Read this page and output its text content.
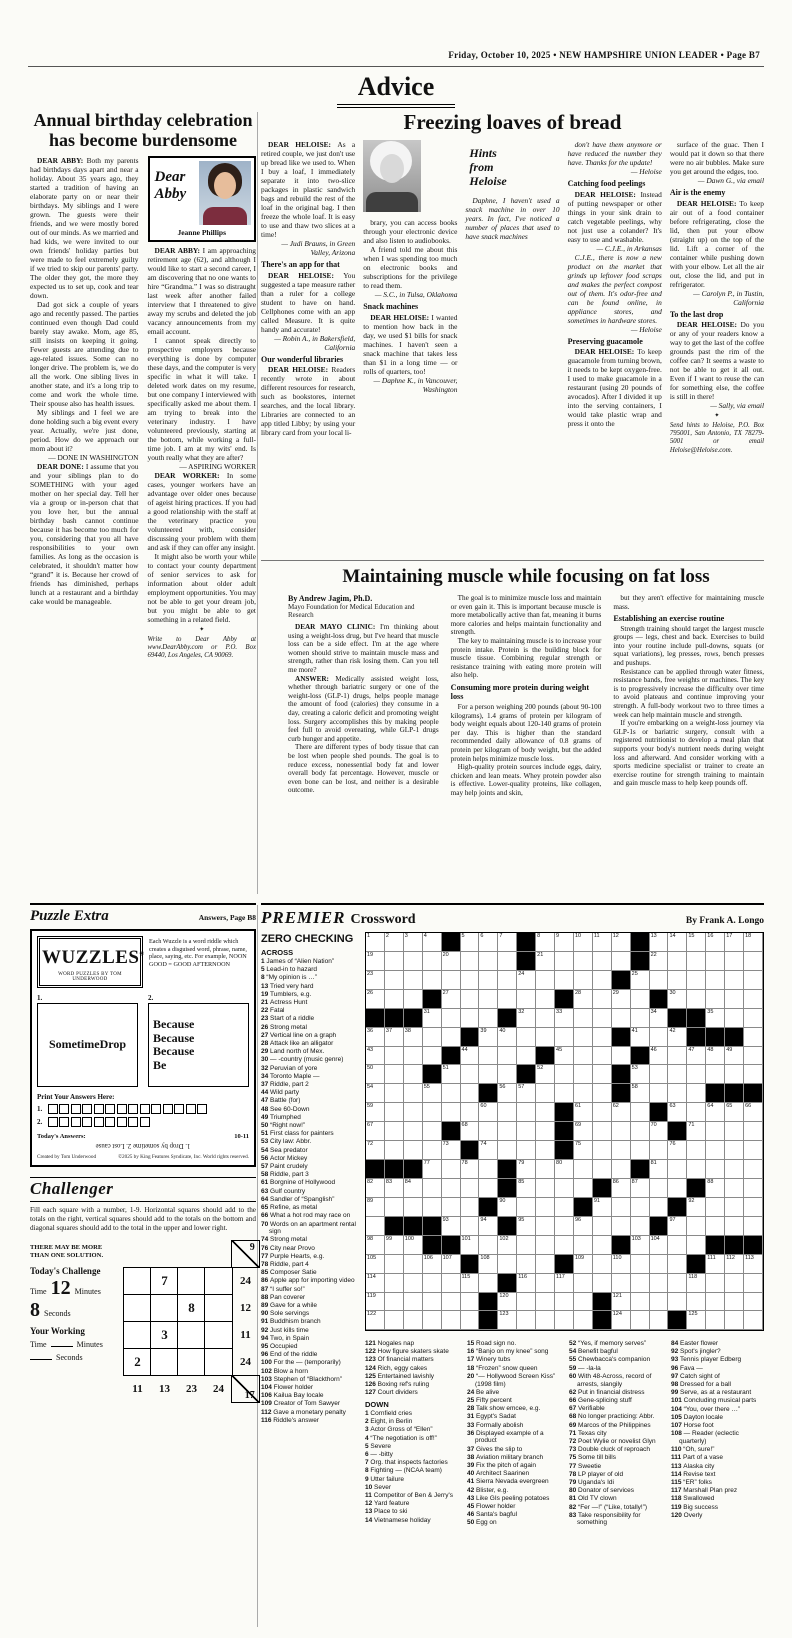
Friday, October 10, 2025 • NEW HAMPSHIRE UNION LEADER • Page B7
Advice
Annual birthday celebration has become burdensome
DEAR ABBY: Both my parents had birthdays days apart and near a holiday. About 35 years ago, they started a tradition of having an elaborate party on or near their birthdays. My siblings and I were grown. The guests were their friends, and we were mostly bored out of our minds. As we married and had kids, we were invited to our own friends' holiday parties but were made to feel extremely guilty if we tried to skip our parents' party. The older they got, the more they expected us to set up, cook and tear down.
Dad got sick a couple of years ago and recently passed. The parties continued even though Dad could barely stay awake. Mom, age 85, still insists on keeping it going. Fewer guests are attending due to age-related issues. Some can no longer drive. The problem is, we do all the work. One sibling lives in another state, and it's a long trip to come and work the whole time. Their spouse also has health issues.
My siblings and I feel we are done holding such a big event every year. Actually, we're just done, period. How do we approach our mom about it?
— DONE IN WASHINGTON
DEAR DONE: I assume that you and your siblings plan to do SOMETHING with your aged mother on her special day. Tell her via a group or in-person chat that you love her, but the annual birthday bash cannot continue because it has become too much for you, considering that you all have responsibilities to your own families. As long as the occasion is celebrated, it shouldn't matter how “grand” it is. Because her crowd of friends has diminished, perhaps lunch at a restaurant and a birthday cake would be manageable.
Dear
Abby
Jeanne Phillips
DEAR ABBY: I am approaching retirement age (62), and although I would like to start a second career, I am discovering that no one wants to hire “Grandma.” I was so distraught last week after another failed interview that I threatened to give away my scrubs and deleted the job vacancy announcements from my email account.
I cannot speak directly to prospective employers because everything is done by computer these days, and the computer is very specific in what it will take. I deleted work dates on my resume, but one company I interviewed with specifically asked me about them. I am trying to break into the veterinary industry. I have volunteered previously, starting at the bottom, while working a full-time job. I am at my wits' end. Is youth really what they are after?
— ASPIRING WORKER
DEAR WORKER: In some cases, younger workers have an advantage over older ones because of ageist hiring practices. If you had a good relationship with the staff at the veterinary practice you volunteered with, consider discussing your problem with them and ask if they can offer any insight.
It might also be worth your while to contact your county department of senior services to ask for information about older adult employment opportunities. You may not be able to get your dream job, but you might be able to get something in a related field.
✦
Write to Dear Abby at www.DearAbby.com or P.O. Box 69440, Los Angeles, CA 90069.
Freezing loaves of bread
DEAR HELOISE: As a retired couple, we just don't use up bread like we used to. When I buy a loaf, I immediately separate it into two-slice packages in plastic sandwich bags and rebuild the rest of the loaf in the original bag. I then freeze the whole loaf. It is easy to use and thaw two slices at a time!
— Judi Brauns, in Green Valley, Arizona
There's an app for that
DEAR HELOISE: You suggested a tape measure rather than a ruler for a college student to have on hand. Cellphones come with an app called Measure. It is quite handy and accurate!
— Robin A., in Bakersfield, California
Our wonderful libraries
DEAR HELOISE: Readers recently wrote in about different resources for research, such as bookstores, internet searches, and the local library. Libraries are connected to an app titled Libby; by using your library card from your local li-
brary, you can access books through your electronic device and also listen to audiobooks.
A friend told me about this when I was spending too much on electronic books and subscriptions for the privilege to read them.
— S.C., in Tulsa, Oklahoma
Snack machines
DEAR HELOISE: I wanted to mention how back in the day, we used $1 bills for snack machines. I haven't seen a snack machine that takes less than $1 in a long time — or rolls of quarters, too!
— Daphne K., in Vancouver, Washington
Hints
from
Heloise
Daphne, I haven't used a snack machine in over 10 years. In fact, I've noticed a number of places that used to have snack machines
don't have them anymore or have reduced the number they have. Thanks for the update!
— Heloise
Catching food peelings
DEAR HELOISE: Instead of putting newspaper or other things in your sink drain to catch vegetable peelings, why not just use a colander? It's easy to use and washable.
— C.J.E., in Arkansas
C.J.E., there is now a new product on the market that grinds up leftover food scraps and makes the perfect compost out of them. It's odor-free and can be found online, in appliance stores, and sometimes in hardware stores.
— Heloise
Preserving guacamole
DEAR HELOISE: To keep guacamole from turning brown, it needs to be kept oxygen-free. I used to make guacamole in a restaurant (using 20 pounds of avocados). After I divided it up into the serving containers, I would take plastic wrap and press it onto the
surface of the guac. Then I would pat it down so that there were no air bubbles. Make sure you get around the edges, too.
— Dawn G., via email
Air is the enemy
DEAR HELOISE: To keep air out of a food container before refrigerating, close the lid, then put your elbow (straight up) on the top of the lid. Lift a corner of the container while pushing down with your elbow. Let all the air out, close the lid, and put in refrigerator.
— Carolyn P., in Tustin, California
To the last drop
DEAR HELOISE: Do you or any of your readers know a way to get the last of the coffee grounds past the rim of the coffee can? It seems a waste to not be able to get it all out. Even if I want to reuse the can for something else, the coffee is still in there!
— Sally, via email
✦
Send hints to Heloise, P.O. Box 795001, San Antonio, TX 78279-5001 or email Heloise@Heloise.com.
Maintaining muscle while focusing on fat loss
By Andrew Jagim, Ph.D.
Mayo Foundation for Medical Education and Research
DEAR MAYO CLINIC: I'm thinking about using a weight-loss drug, but I've heard that muscle loss can be a side effect. I'm at the age where women should strive to maintain muscle mass and strength, rather than risk losing them. Can you tell me more?
ANSWER: Medically assisted weight loss, whether through bariatric surgery or one of the weight-loss (GLP-1) drugs, helps people manage the amount of food (calories) they consume in a day, creating a caloric deficit and promoting weight loss. Surgery accomplishes this by making people feel full to avoid overeating, while GLP-1 drugs curb hunger and appetite.
There are different types of body tissue that can be lost when people shed pounds. The goal is to reduce excess, nonessential body fat and lower overall body fat percentage. However, muscle or even bone can be lost, and neither is a desirable outcome.
The goal is to minimize muscle loss and maintain or even gain it. This is important because muscle is more metabolically active than fat, meaning it burns more calories and helps maintain functionality and strength.
The key to maintaining muscle is to increase your protein intake. Protein is the building block for muscle tissue. Combining regular strength or resistance training with eating more protein will also help.
Consuming more protein during weight loss
For a person weighing 200 pounds (about 90-100 kilograms), 1.4 grams of protein per kilogram of body weight equals about 120-140 grams of protein per day. This is higher than the standard recommended daily allowance of 0.8 grams of protein per kilogram of body weight, but the added protein helps minimize muscle loss.
High-quality protein sources include eggs, dairy, chicken and lean meats. Whey protein powder also is effective. Lower-quality proteins, like collagen, may help joints and skin,
but they aren't effective for maintaining muscle mass.
Establishing an exercise routine
Strength training should target the largest muscle groups — legs, chest and back. Exercises to build into your routine include pull-downs, squats (or squat variations), leg presses, rows, bench presses and pushups.
Resistance can be applied through water fitness, resistance bands, free weights or machines. The key is to progressively increase the difficulty over time to avoid plateaus and continue improving your strength. A full-body workout two to three times a week can help maintain muscle and strength.
If you're embarking on a weight-loss journey via GLP-1s or bariatric surgery, consult with a registered nutritionist to develop a meal plan that supports your body's nutrient needs during weight loss and afterward. And consider working with a sports medicine specialist or trainer to create an exercise routine for strength training to maintain and gain muscle mass to help keep pounds off.
Puzzle Extra	Answers, Page B8
WUZZLES®
WORD PUZZLES BY TOM UNDERWOOD
Each Wuzzle is a word riddle which creates a disguised word, phrase, name, place, saying, etc. For example, NOON GOOD = GOOD AFTERNOON
1.
SometimeDrop
2.
Because
Because
Because
Be
Print Your Answers Here:
1.
2.
Today's Answers:	10-11
1. Drop by sometime 2. Lost cause
Created by Tom Underwood	©2025 by King Features Syndicate, Inc. World rights reserved.
Challenger
Fill each square with a number, 1-9. Horizontal squares should add to the totals on the right, vertical squares should add to the totals on the bottom and diagonal squares should add to the total in the upper and lower right.
THERE MAY BE MORE THAN ONE SOLUTION.
Today's Challenge
Time 12 Minutes
8 Seconds
Your Working
Time	Minutes
Seconds
9
7	24
8	12
3	11
2	24
11	13	23	24
17
PREMIER Crossword	By Frank A. Longo
ZERO CHECKING
ACROSS
1 James of “Alien Nation”
5 Lead-in to hazard
8 “My opinion is …”
13 Tried very hard
19 Tumblers, e.g.
21 Actress Hunt
22 Fatal
23 Start of a riddle
26 Strong metal
27 Vertical line on a graph
28 Attack like an alligator
29 Land north of Mex.
30 — -country (music genre)
32 Peruvian of yore
34 Toronto Maple —
37 Riddle, part 2
44 Wild party
47 Battle (for)
48 See 60-Down
49 Triumphed
50 “Right now!”
51 First class for painters
53 City law: Abbr.
54 Sea predator
56 Actor Mickey
57 Paint crudely
58 Riddle, part 3
61 Borgnine of Hollywood
63 Gulf country
64 Sandler of “Spanglish”
65 Refine, as metal
66 What a hot rod may race on
70 Words on an apartment rental sign
74 Strong metal
76 City near Provo
77 Purple Hearts, e.g.
78 Riddle, part 4
85 Composer Satie
86 Apple app for importing video
87 “I suffer so!”
88 Pan coverer
89 Gave for a while
90 Sole servings
91 Buddhism branch
92 Just kills time
94 Two, in Spain
95 Occupied
96 End of the riddle
100 For the — (temporarily)
102 Blow a horn
103 Stephen of “Blackthorn”
104 Flower holder
106 Kailua Bay locale
109 Creator of Tom Sawyer
112 Gave a monetary penalty
116 Riddle's answer
1	2	3	4	5	6	7	8	9	10 11 12	13 14 15 16 17 18
19	20	21	22
23	24	25
26	27	28	29	30
31	32	33	34	35
36 37 38	39 40	41	42
43	44	45	46	47 48 49
50	51	52	53
54	55	56 57	58
59	60	61	62	63	64 65 66
67	68	69	70	71
72	73	74	75	76
77	78	79	80	81
82 83 84	85	86 87	88
89	90	91	92
93	94	95	96	97
98 99 100	101	102	103 104
105	106 107	108	109	110	111 112 113
114	115	116	117	118
119	120	121
122	123	124	125
121 Nogales nap
122 How figure skaters skate
123 Of financial matters
124 Rich, eggy cakes
125 Entertained lavishly
126 Boxing ref's ruling
127 Court dividers
DOWN
1 Cornfield cries
2 Eight, in Berlin
3 Actor Gross of “Ellen”
4 “The negotiation is off!”
5 Severe
6 — -bitty
7 Org. that inspects factories
8 Fighting — (NCAA team)
9 Utter failure
10 Sever
11 Competitor of Ben & Jerry's
12 Yard feature
13 Place to ski
14 Vietnamese holiday
15 Road sign no.
16 “Banjo on my knee” song
17 Winery tubs
18 “Frozen” snow queen
20 “— Hollywood Screen Kiss” (1998 film)
24 Be alive
25 Fifty percent
28 Talk show emcee, e.g.
31 Egypt's Sadat
33 Formally abolish
36 Displayed example of a product
37 Gives the slip to
38 Aviation military branch
39 Fix the pitch of again
40 Architect Saarinen
41 Sierra Nevada evergreen
42 Blister, e.g.
43 Like GIs peeling potatoes
45 Flower holder
46 Santa's bagful
50 Egg on
52 “Yes, if memory serves”
54 Benefit bagful
55 Chewbacca's companion
59 — -la-la
60 With 48-Across, record of arrests, slangily
62 Put in financial distress
66 Gene-splicing stuff
67 Verifiable
68 No longer practicing: Abbr.
69 Marcos of the Philippines
71 Texas city
72 Poet Wylie or novelist Glyn
73 Double cluck of reproach
75 Some till bills
77 Sweetie
78 LP player of old
79 Uganda's Idi
80 Donator of services
81 Old TV clown
82 “Fer —!” (“Like, totally!”)
83 Take responsibility for something
84 Easter flower
92 Spot's jingler?
93 Tennis player Edberg
96 Fava —
97 Catch sight of
98 Dressed for a ball
99 Serve, as at a restaurant
101 Concluding musical parts
104 “You, over there …”
105 Dayton locale
107 Horse foot
108 — Reader (eclectic quarterly)
110 “Oh, sure!”
111 Part of a vase
113 Alaska city
114 Revise text
115 “ER” folks
117 Marshall Plan prez
118 Swallowed
119 Big success
120 Overly
